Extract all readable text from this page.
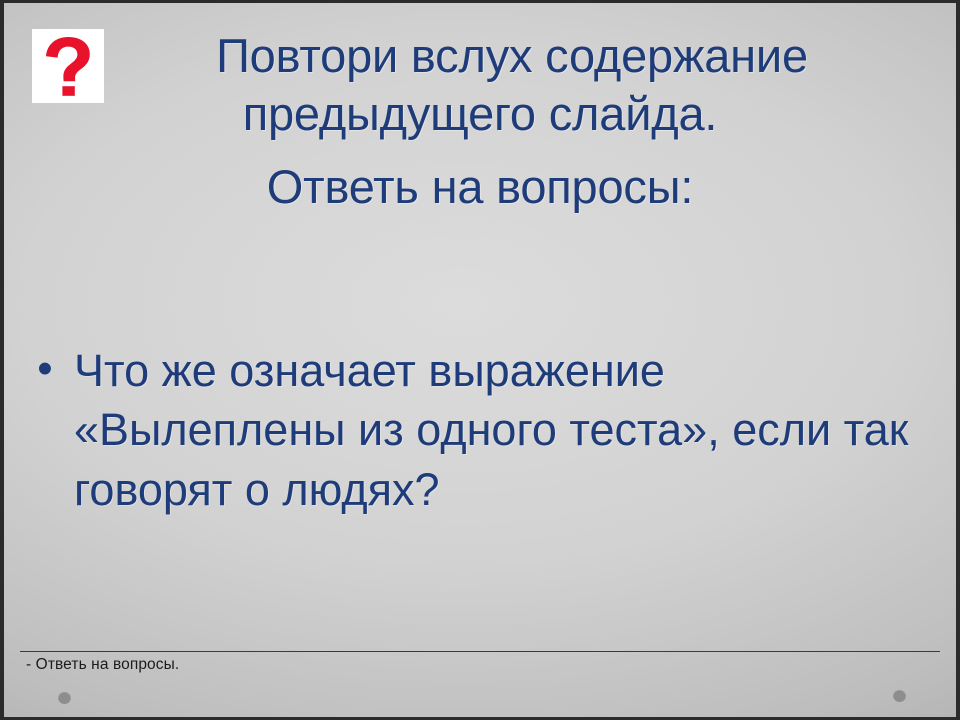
Повтори вслух содержание
предыдущего слайда.
Ответь на вопросы:
• Что же означает выражение «Вылеплены из одного теста», если так говорят о людях?
- Ответь на вопросы.
